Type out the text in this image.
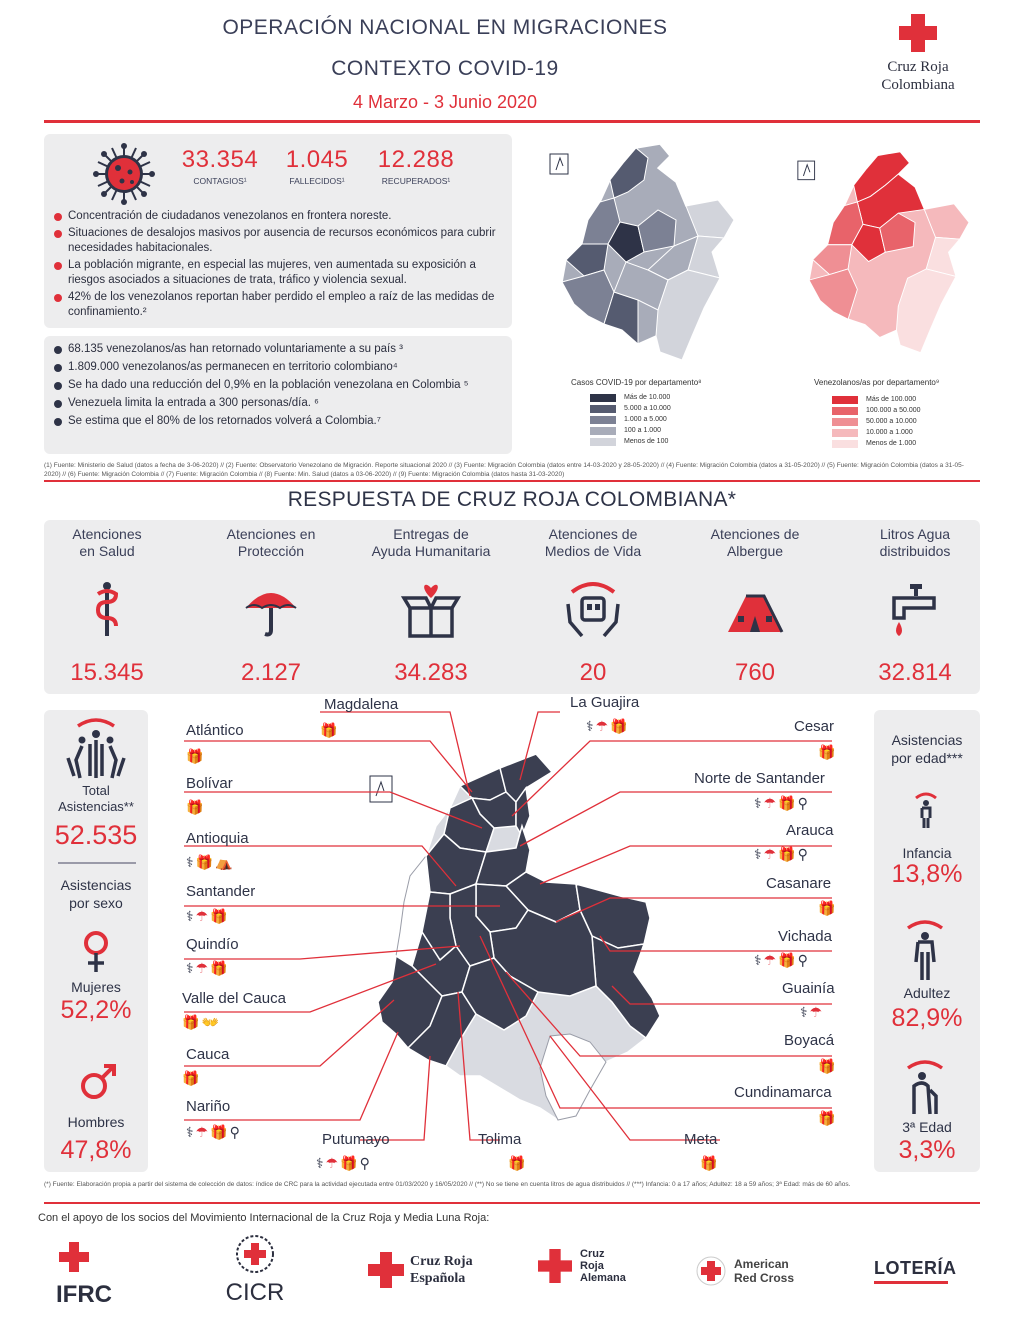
OPERACIÓN NACIONAL EN MIGRACIONES
CONTEXTO COVID-19
4 Marzo - 3 Junio 2020
Cruz Roja
Colombiana
33.354
CONTAGIOS¹
1.045
FALLECIDOS¹
12.288
RECUPERADOS¹
Concentración de ciudadanos venezolanos en frontera noreste.
Situaciones de desalojos masivos por ausencia de recursos económicos para cubrir necesidades habitacionales.
La población migrante, en especial las mujeres, ven aumentada su exposición a riesgos asociados a situaciones de trata, tráfico y violencia sexual.
42% de los venezolanos reportan haber perdido el empleo a raíz de las medidas de confinamiento.²
68.135 venezolanos/as han retornado voluntariamente a su país ³
1.809.000 venezolanos/as permanecen en territorio colombiano⁴
Se ha dado una reducción del 0,9% en la población venezolana en Colombia ⁵
Venezuela limita la entrada a 300 personas/día. ⁶
Se estima que el 80% de los retornados volverá a Colombia.⁷
Casos COVID-19 por departamento⁸
Más de 10.000
5.000 a 10.000
1.000 a 5.000
100 a 1.000
Menos de 100
Venezolanos/as por departamento⁹
Más de 100.000
100.000 a 50.000
50.000 a 10.000
10.000 a 1.000
Menos de 1.000
(1) Fuente: Ministerio de Salud (datos a fecha de 3-06-2020) // (2) Fuente: Observatorio Venezolano de Migración. Reporte situacional 2020 // (3) Fuente: Migración Colombia (datos entre 14-03-2020 y 28-05-2020) // (4) Fuente: Migración Colombia (datos a 31-05-2020) // (5) Fuente: Migración Colombia (datos a 31-05-2020) // (6) Fuente: Migración Colombia // (7) Fuente: Migración Colombia // (8) Fuente: Min. Salud (datos a 03-06-2020) // (9) Fuente: Migración Colombia (datos hasta 31-03-2020)
RESPUESTA DE CRUZ ROJA COLOMBIANA*
Atenciones
en Salud
15.345
Atenciones en
Protección
2.127
Entregas de
Ayuda Humanitaria
34.283
Atenciones de
Medios de Vida
20
Atenciones de
Albergue
760
Litros Agua
distribuidos
32.814
Total
Asistencias**
52.535
Asistencias
por sexo
Mujeres
52,2%
Hombres
47,8%
Asistencias
por edad***
Infancia
13,8%
Adultez
82,9%
3ª Edad
3,3%
Magdalena
🎁
La Guajira
⚕☂🎁
Atlántico
🎁
Cesar
🎁
Bolívar
🎁
Norte de Santander
⚕☂🎁⚲
Antioquia
⚕🎁⛺
Arauca
⚕☂🎁⚲
Santander
⚕☂🎁
Casanare
🎁
Quindío
⚕☂🎁
Vichada
⚕☂🎁⚲
Valle del Cauca
🎁👐
Guainía
⚕☂
Cauca
🎁
Boyacá
🎁
Nariño
⚕☂🎁⚲
Cundinamarca
🎁
Putumayo
⚕☂🎁⚲
Tolima
🎁
Meta
🎁
(*) Fuente: Elaboración propia a partir del sistema de colección de datos: índice de CRC para la actividad ejecutada entre 01/03/2020 y 16/05/2020 // (**) No se tiene en cuenta litros de agua distribuidos // (***) Infancia: 0 a 17 años; Adultez: 18 a 59 años; 3ª Edad: más de 60 años.
Con el apoyo de los socios del Movimiento Internacional de la Cruz Roja y Media Luna Roja:
IFRC	CICR
Cruz Roja
Española
Cruz
Roja
Alemana
American
Red Cross	LOTERÍA
